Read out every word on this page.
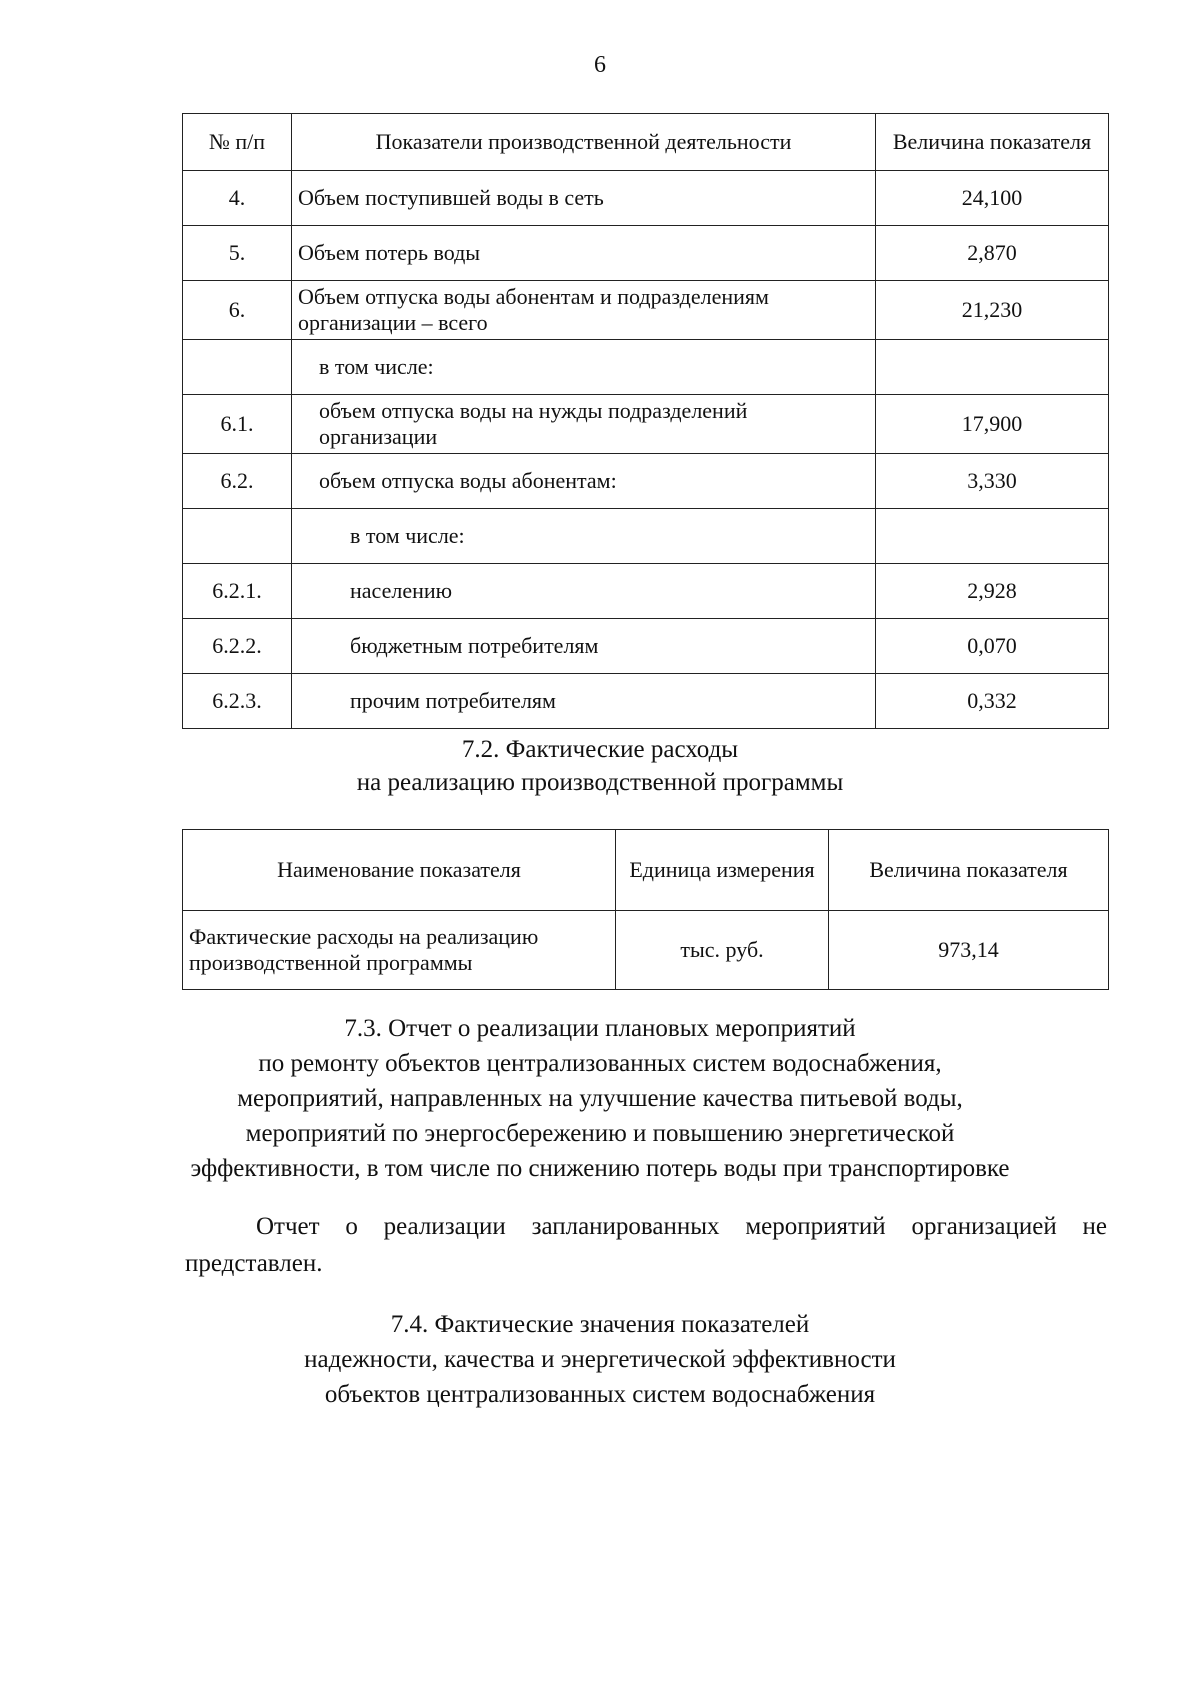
6
№ п/п	Показатели производственной деятельности	Величина показателя
4.	Объем поступившей воды в сеть	24,100
5.	Объем потерь воды	2,870
6.	Объем отпуска воды абонентам и подразделениям организации – всего	21,230
	в том числе:	
6.1.	объем отпуска воды на нужды подразделений организации	17,900
6.2.	объем отпуска воды абонентам:	3,330
	в том числе:	
6.2.1.	населению	2,928
6.2.2.	бюджетным потребителям	0,070
6.2.3.	прочим потребителям	0,332
7.2. Фактические расходы
на реализацию производственной программы
Наименование показателя	Единица измерения	Величина показателя
Фактические расходы на реализацию производственной программы	тыс. руб.	973,14
7.3. Отчет о реализации плановых мероприятий
по ремонту объектов централизованных систем водоснабжения,
мероприятий, направленных на улучшение качества питьевой воды,
мероприятий по энергосбережению и повышению энергетической
эффективности, в том числе по снижению потерь воды при транспортировке
Отчет о реализации запланированных мероприятий организацией не представлен.
7.4. Фактические значения показателей
надежности, качества и энергетической эффективности
объектов централизованных систем водоснабжения
